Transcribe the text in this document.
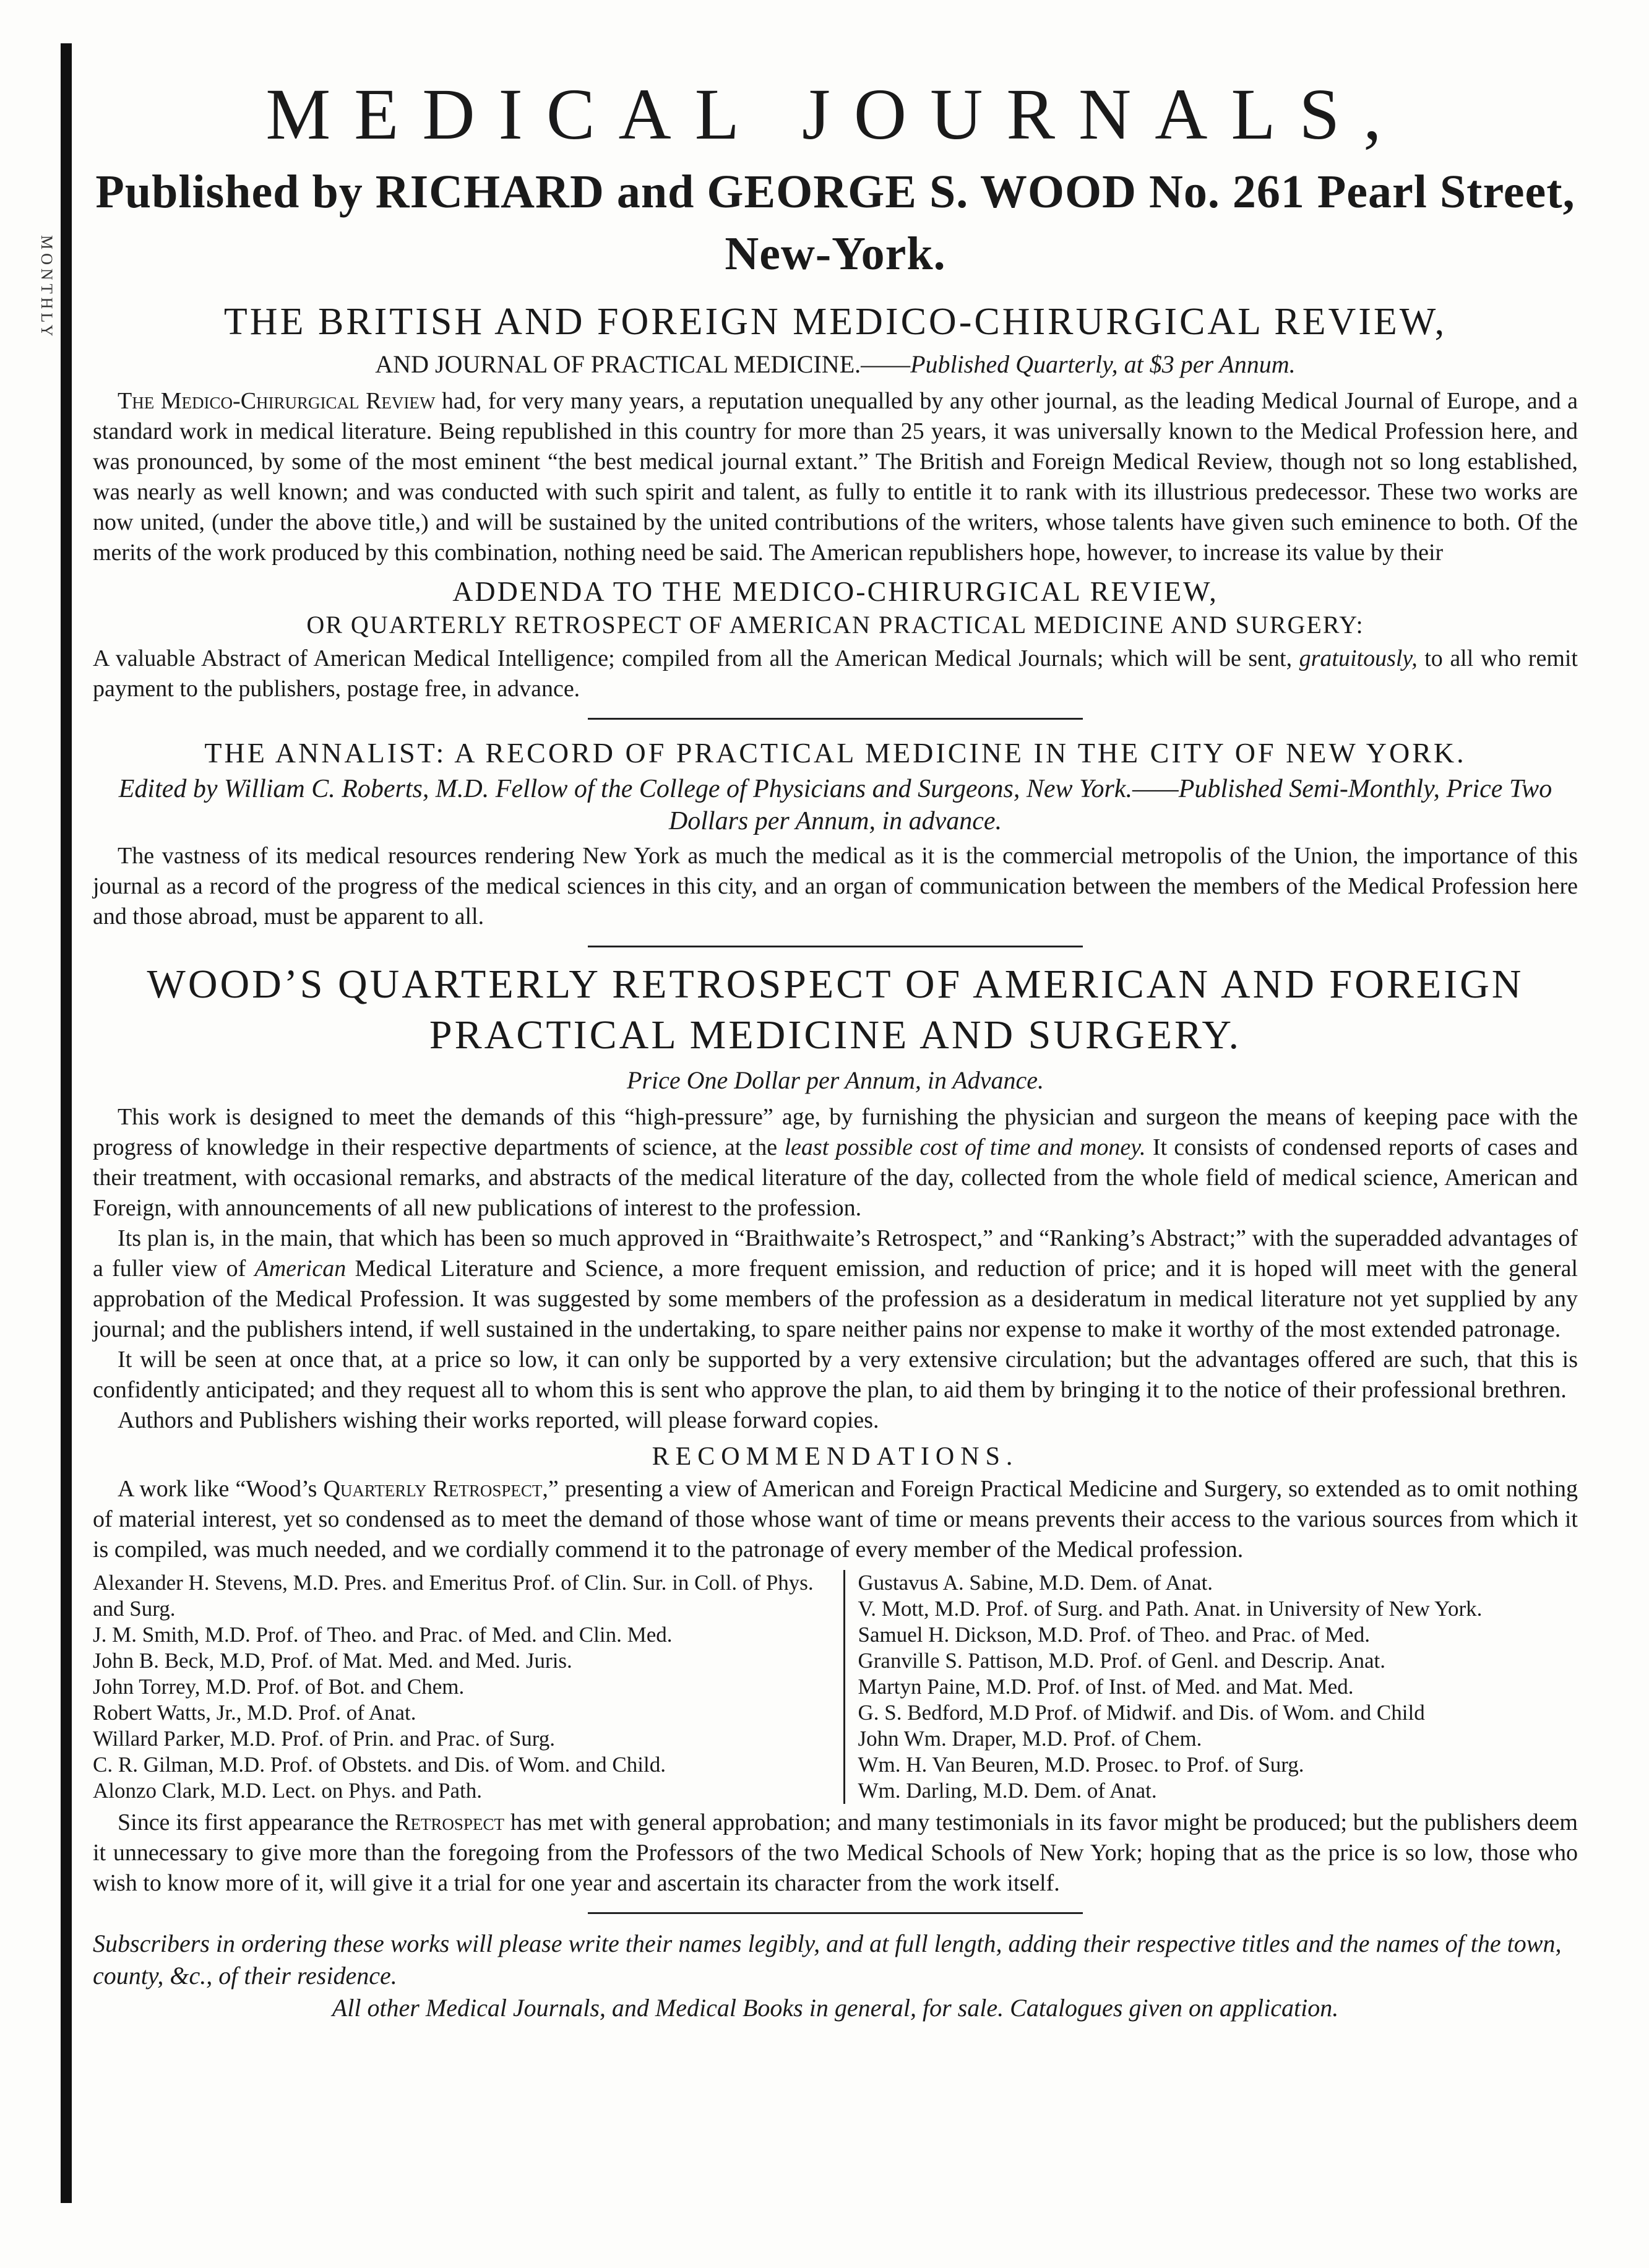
MONTHLY
MEDICAL JOURNALS,

Published by RICHARD and GEORGE S. WOOD No. 261 Pearl Street, New-York.

THE BRITISH AND FOREIGN MEDICO-CHIRURGICAL REVIEW,

AND JOURNAL OF PRACTICAL MEDICINE.——Published Quarterly, at $3 per Annum.

The Medico-Chirurgical Review had, for very many years, a reputation unequalled by any other journal, as the leading Medical Journal of Europe, and a standard work in medical literature. Being republished in this country for more than 25 years, it was universally known to the Medical Profession here, and was pronounced, by some of the most eminent “the best medical journal extant.” The British and Foreign Medical Review, though not so long established, was nearly as well known; and was conducted with such spirit and talent, as fully to entitle it to rank with its illustrious predecessor. These two works are now united, (under the above title,) and will be sustained by the united contributions of the writers, whose talents have given such eminence to both. Of the merits of the work produced by this combination, nothing need be said. The American republishers hope, however, to increase its value by their

ADDENDA TO THE MEDICO-CHIRURGICAL REVIEW,
OR QUARTERLY RETROSPECT OF AMERICAN PRACTICAL MEDICINE AND SURGERY:

A valuable Abstract of American Medical Intelligence; compiled from all the American Medical Journals; which will be sent, gratuitously, to all who remit payment to the publishers, postage free, in advance.

THE ANNALIST: A RECORD OF PRACTICAL MEDICINE IN THE CITY OF NEW YORK.

Edited by William C. Roberts, M.D. Fellow of the College of Physicians and Surgeons, New York.——Published Semi-Monthly, Price Two Dollars per Annum, in advance.

The vastness of its medical resources rendering New York as much the medical as it is the commercial metropolis of the Union, the importance of this journal as a record of the progress of the medical sciences in this city, and an organ of communication between the members of the Medical Profession here and those abroad, must be apparent to all.

WOOD’S QUARTERLY RETROSPECT OF AMERICAN AND FOREIGN
PRACTICAL MEDICINE AND SURGERY.

Price One Dollar per Annum, in Advance.

This work is designed to meet the demands of this “high-pressure” age, by furnishing the physician and surgeon the means of keeping pace with the progress of knowledge in their respective departments of science, at the least possible cost of time and money. It consists of condensed reports of cases and their treatment, with occasional remarks, and abstracts of the medical literature of the day, collected from the whole field of medical science, American and Foreign, with announcements of all new publications of interest to the profession.

Its plan is, in the main, that which has been so much approved in “Braithwaite’s Retrospect,” and “Ranking’s Abstract;” with the superadded advantages of a fuller view of American Medical Literature and Science, a more frequent emission, and reduction of price; and it is hoped will meet with the general approbation of the Medical Profession. It was suggested by some members of the profession as a desideratum in medical literature not yet supplied by any journal; and the publishers intend, if well sustained in the undertaking, to spare neither pains nor expense to make it worthy of the most extended patronage.

It will be seen at once that, at a price so low, it can only be supported by a very extensive circulation; but the advantages offered are such, that this is confidently anticipated; and they request all to whom this is sent who approve the plan, to aid them by bringing it to the notice of their professional brethren.

Authors and Publishers wishing their works reported, will please forward copies.

RECOMMENDATIONS.

A work like “Wood’s Quarterly Retrospect,” presenting a view of American and Foreign Practical Medicine and Surgery, so extended as to omit nothing of material interest, yet so condensed as to meet the demand of those whose want of time or means prevents their access to the various sources from which it is compiled, was much needed, and we cordially commend it to the patronage of every member of the Medical profession.

Alexander H. Stevens, M.D. Pres. and Emeritus Prof. of Clin. Sur. in Coll. of Phys. and Surg.

J. M. Smith, M.D. Prof. of Theo. and Prac. of Med. and Clin. Med.

John B. Beck, M.D, Prof. of Mat. Med. and Med. Juris.

John Torrey, M.D. Prof. of Bot. and Chem.

Robert Watts, Jr., M.D. Prof. of Anat.

Willard Parker, M.D. Prof. of Prin. and Prac. of Surg.

C. R. Gilman, M.D. Prof. of Obstets. and Dis. of Wom. and Child.

Alonzo Clark, M.D. Lect. on Phys. and Path.

Gustavus A. Sabine, M.D. Dem. of Anat.

V. Mott, M.D. Prof. of Surg. and Path. Anat. in University of New York.

Samuel H. Dickson, M.D. Prof. of Theo. and Prac. of Med.

Granville S. Pattison, M.D. Prof. of Genl. and Descrip. Anat.

Martyn Paine, M.D. Prof. of Inst. of Med. and Mat. Med.

G. S. Bedford, M.D Prof. of Midwif. and Dis. of Wom. and Child

John Wm. Draper, M.D. Prof. of Chem.

Wm. H. Van Beuren, M.D. Prosec. to Prof. of Surg.

Wm. Darling, M.D. Dem. of Anat.

Since its first appearance the Retrospect has met with general approbation; and many testimonials in its favor might be produced; but the publishers deem it unnecessary to give more than the foregoing from the Professors of the two Medical Schools of New York; hoping that as the price is so low, those who wish to know more of it, will give it a trial for one year and ascertain its character from the work itself.

Subscribers in ordering these works will please write their names legibly, and at full length, adding their respective titles and the names of the town, county, &c., of their residence.

All other Medical Journals, and Medical Books in general, for sale. Catalogues given on application.
